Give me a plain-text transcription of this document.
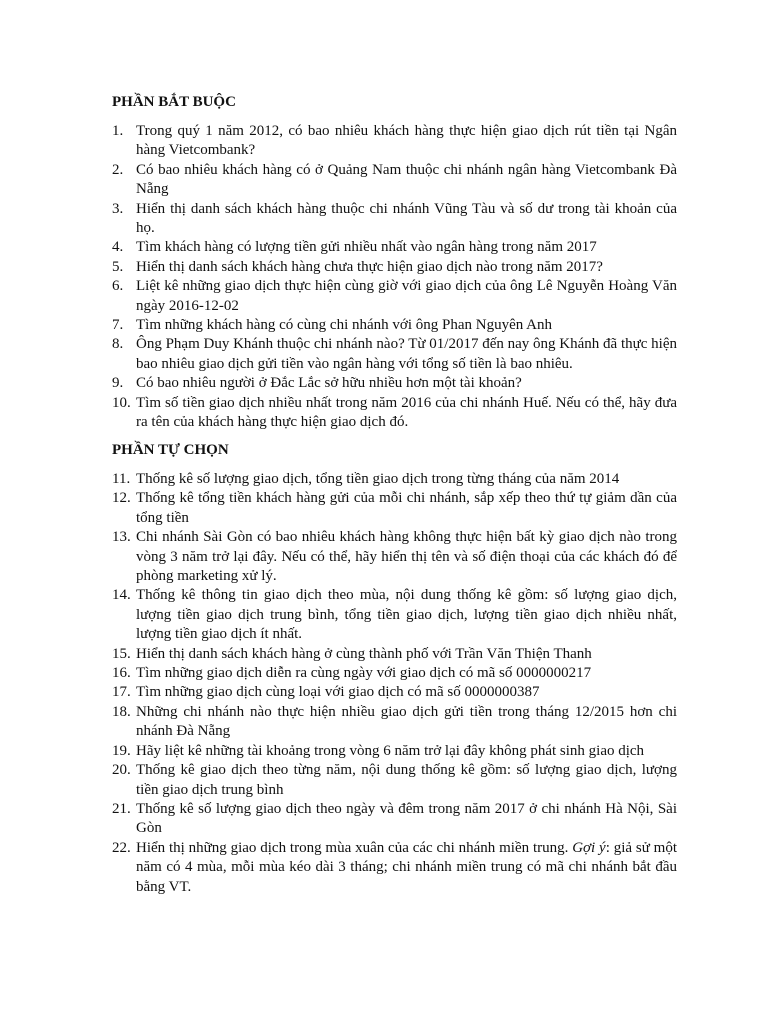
PHẦN BẮT BUỘC
1. Trong quý 1 năm 2012, có bao nhiêu khách hàng thực hiện giao dịch rút tiền tại Ngân hàng Vietcombank?
2. Có bao nhiêu khách hàng có ở Quảng Nam thuộc chi nhánh ngân hàng Vietcombank Đà Nẵng
3. Hiển thị danh sách khách hàng thuộc chi nhánh Vũng Tàu và số dư trong tài khoản của họ.
4. Tìm khách hàng có lượng tiền gửi nhiều nhất vào ngân hàng trong năm 2017
5. Hiển thị danh sách khách hàng chưa thực hiện giao dịch nào trong năm 2017?
6. Liệt kê những giao dịch thực hiện cùng giờ với giao dịch của ông Lê Nguyễn Hoàng Văn ngày 2016-12-02
7. Tìm những khách hàng có cùng chi nhánh với ông Phan Nguyên Anh
8. Ông Phạm Duy Khánh thuộc chi nhánh nào? Từ 01/2017 đến nay ông Khánh đã thực hiện bao nhiêu giao dịch gửi tiền vào ngân hàng với tổng số tiền là bao nhiêu.
9. Có bao nhiêu người ở Đắc Lắc sở hữu nhiều hơn một tài khoản?
10. Tìm số tiền giao dịch nhiều nhất trong năm 2016 của chi nhánh Huế. Nếu có thể, hãy đưa ra tên của khách hàng thực hiện giao dịch đó.
PHẦN TỰ CHỌN
11. Thống kê số lượng giao dịch, tổng tiền giao dịch trong từng tháng của năm 2014
12. Thống kê tổng tiền khách hàng gửi của mỗi chi nhánh, sắp xếp theo thứ tự giảm dần của tổng tiền
13. Chi nhánh Sài Gòn có bao nhiêu khách hàng không thực hiện bất kỳ giao dịch nào trong vòng 3 năm trở lại đây. Nếu có thể, hãy hiển thị tên và số điện thoại của các khách đó để phòng marketing xử lý.
14. Thống kê thông tin giao dịch theo mùa, nội dung thống kê gồm: số lượng giao dịch, lượng tiền giao dịch trung bình, tổng tiền giao dịch, lượng tiền giao dịch nhiều nhất, lượng tiền giao dịch ít nhất.
15. Hiển thị danh sách khách hàng ở cùng thành phố với Trần Văn Thiện Thanh
16. Tìm những giao dịch diễn ra cùng ngày với giao dịch có mã số 0000000217
17. Tìm những giao dịch cùng loại với giao dịch có mã số 0000000387
18. Những chi nhánh nào thực hiện nhiều giao dịch gửi tiền trong tháng 12/2015 hơn chi nhánh Đà Nẵng
19. Hãy liệt kê những tài khoảng trong vòng 6 năm trở lại đây không phát sinh giao dịch
20. Thống kê giao dịch theo từng năm, nội dung thống kê gồm: số lượng giao dịch, lượng tiền giao dịch trung bình
21. Thống kê số lượng giao dịch theo ngày và đêm trong năm 2017 ở chi nhánh Hà Nội, Sài Gòn
22. Hiển thị những giao dịch trong mùa xuân của các chi nhánh miền trung. Gợi ý: giả sử một năm có 4 mùa, mỗi mùa kéo dài 3 tháng; chi nhánh miền trung có mã chi nhánh bắt đầu bằng VT.
